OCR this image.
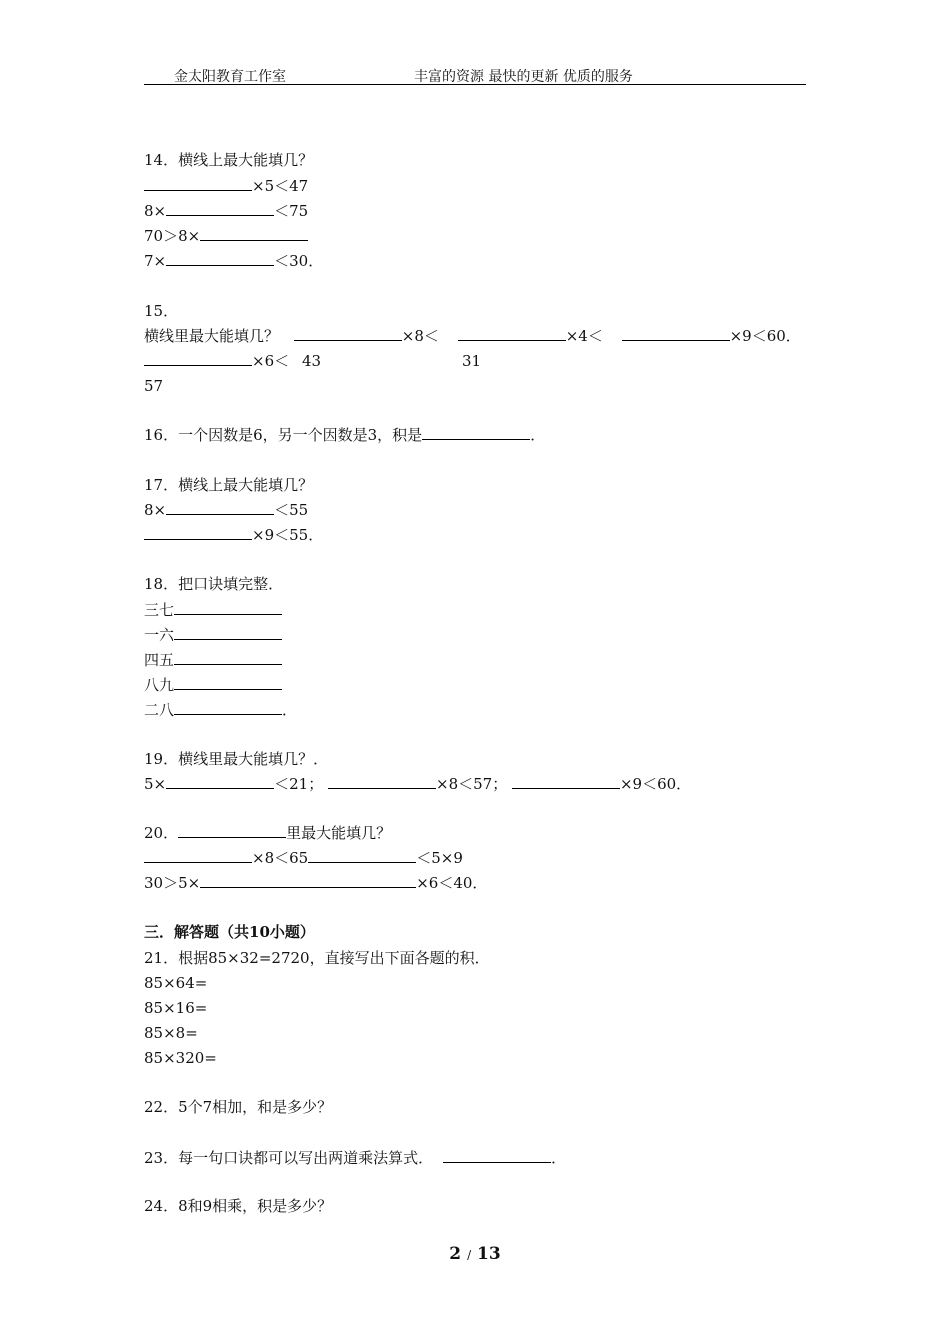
金太阳教育工作室	丰富的资源 最快的更新 优质的服务
14．横线上最大能填几？
×5＜47
8×	＜75
70＞8×
7×	＜30．
15．
横线里最大能填几？	×8＜	×4＜	×9＜60．
×6＜ 43	31
57
16．一个因数是6，另一个因数是3，积是	．
17．横线上最大能填几？
8×	＜55
×9＜55．
18．把口诀填完整．
三七
一六
四五
八九
二八	．
19．横线里最大能填几？．
5×	＜21；	×8＜57；	×9＜60．
20．	里最大能填几？
×8＜65	＜5×9
30＞5×	×6＜40．
三．解答题（共10小题）
21．根据85×32=2720，直接写出下面各题的积．
85×64=
85×16=
85×8=
85×320=
22．5个7相加，和是多少？
23．每一句口诀都可以写出两道乘法算式．	．
24．8和9相乘，积是多少？
2 / 13
